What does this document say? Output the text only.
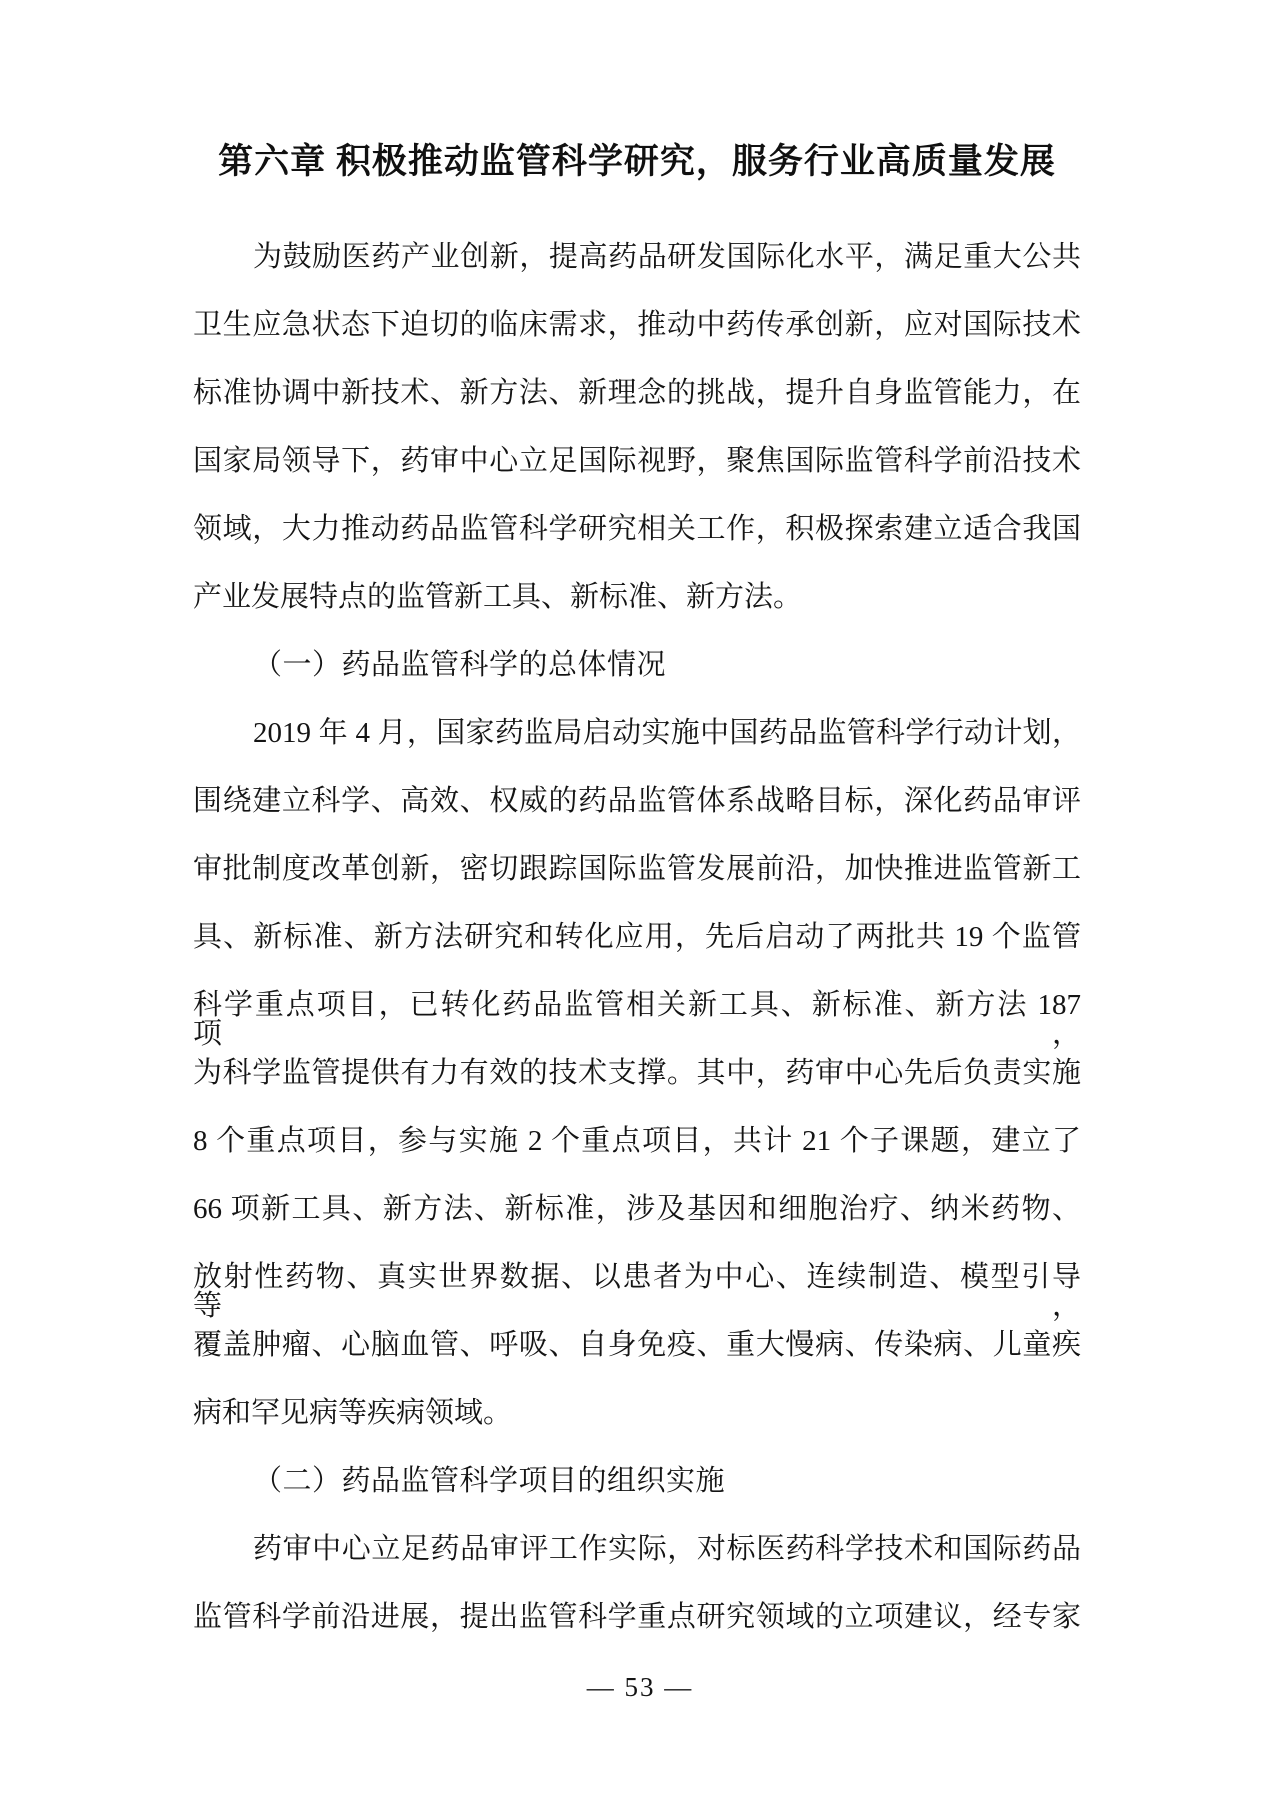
第六章 积极推动监管科学研究，服务行业高质量发展
为鼓励医药产业创新，提高药品研发国际化水平，满足重大公共
卫生应急状态下迫切的临床需求，推动中药传承创新，应对国际技术
标准协调中新技术、新方法、新理念的挑战，提升自身监管能力，在
国家局领导下，药审中心立足国际视野，聚焦国际监管科学前沿技术
领域，大力推动药品监管科学研究相关工作，积极探索建立适合我国
产业发展特点的监管新工具、新标准、新方法。
（一）药品监管科学的总体情况
2019 年 4 月，国家药监局启动实施中国药品监管科学行动计划，
围绕建立科学、高效、权威的药品监管体系战略目标，深化药品审评
审批制度改革创新，密切跟踪国际监管发展前沿，加快推进监管新工
具、新标准、新方法研究和转化应用，先后启动了两批共 19 个监管
科学重点项目，已转化药品监管相关新工具、新标准、新方法 187 项，
为科学监管提供有力有效的技术支撑。其中，药审中心先后负责实施
8 个重点项目，参与实施 2 个重点项目，共计 21 个子课题，建立了
66 项新工具、新方法、新标准，涉及基因和细胞治疗、纳米药物、
放射性药物、真实世界数据、以患者为中心、连续制造、模型引导等，
覆盖肿瘤、心脑血管、呼吸、自身免疫、重大慢病、传染病、儿童疾
病和罕见病等疾病领域。
（二）药品监管科学项目的组织实施
药审中心立足药品审评工作实际，对标医药科学技术和国际药品
监管科学前沿进展，提出监管科学重点研究领域的立项建议，经专家
— 53 —
